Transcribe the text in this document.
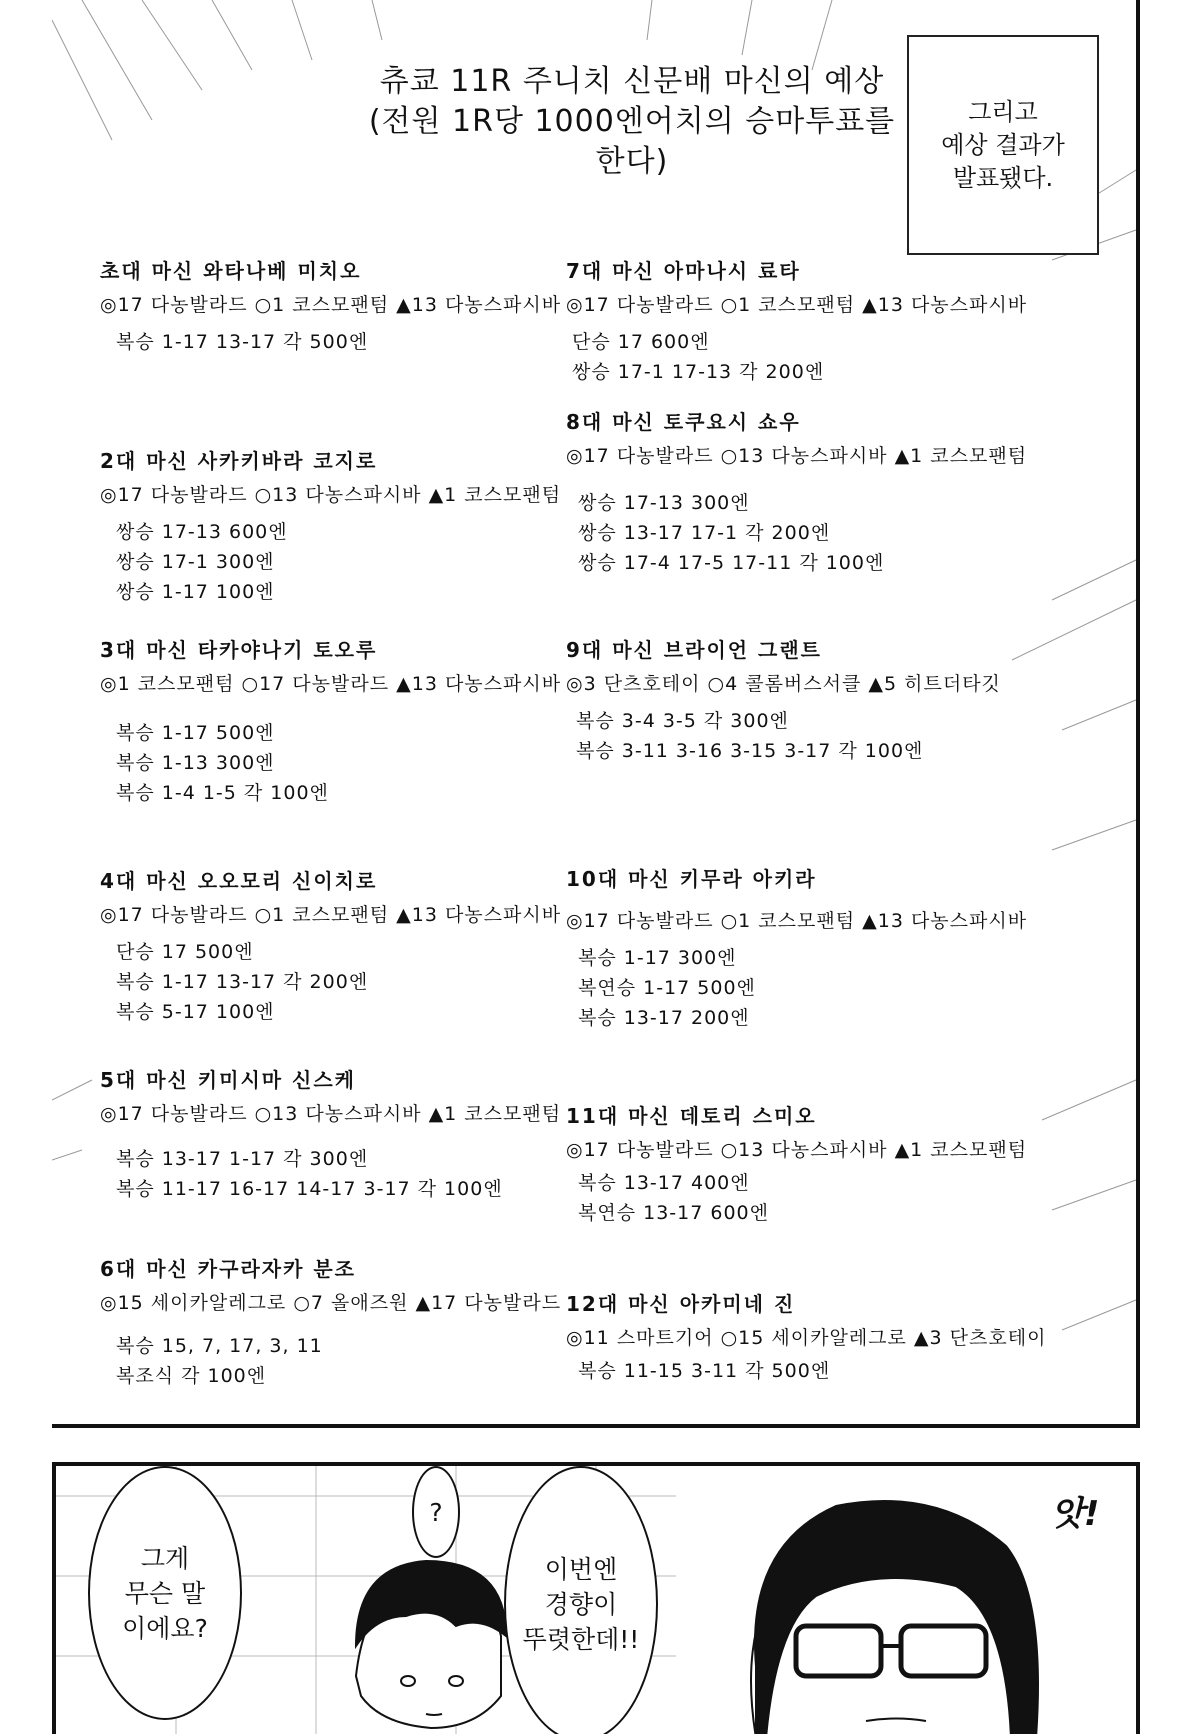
츄쿄 11R 주니치 신문배 마신의 예상
(전원 1R당 1000엔어치의 승마투표를 한다)
그리고
예상 결과가
발표됐다.
초대 마신 와타나베 미치오
◎17 다농발라드 ○1 코스모팬텀 ▲13 다농스파시바
복승 1-17 13-17 각 500엔
2대 마신 사카키바라 코지로
◎17 다농발라드 ○13 다농스파시바 ▲1 코스모팬텀
쌍승 17-13 600엔
쌍승 17-1 300엔
쌍승 1-17 100엔
3대 마신 타카야나기 토오루
◎1 코스모팬텀 ○17 다농발라드 ▲13 다농스파시바
복승 1-17 500엔
복승 1-13 300엔
복승 1-4 1-5 각 100엔
4대 마신 오오모리 신이치로
◎17 다농발라드 ○1 코스모팬텀 ▲13 다농스파시바
단승 17 500엔
복승 1-17 13-17 각 200엔
복승 5-17 100엔
5대 마신 키미시마 신스케
◎17 다농발라드 ○13 다농스파시바 ▲1 코스모팬텀
복승 13-17 1-17 각 300엔
복승 11-17 16-17 14-17 3-17 각 100엔
6대 마신 카구라자카 분조
◎15 세이카알레그로 ○7 올애즈원 ▲17 다농발라드
복승 15, 7, 17, 3, 11
복조식 각 100엔
7대 마신 아마나시 료타
◎17 다농발라드 ○1 코스모팬텀 ▲13 다농스파시바
단승 17 600엔
쌍승 17-1 17-13 각 200엔
8대 마신 토쿠요시 쇼우
◎17 다농발라드 ○13 다농스파시바 ▲1 코스모팬텀
쌍승 17-13 300엔
쌍승 13-17 17-1 각 200엔
쌍승 17-4 17-5 17-11 각 100엔
9대 마신 브라이언 그랜트
◎3 단츠호테이 ○4 콜롬버스서클 ▲5 히트더타깃
복승 3-4 3-5 각 300엔
복승 3-11 3-16 3-15 3-17 각 100엔
10대 마신 키무라 아키라
◎17 다농발라드 ○1 코스모팬텀 ▲13 다농스파시바
복승 1-17 300엔
복연승 1-17 500엔
복승 13-17 200엔
11대 마신 데토리 스미오
◎17 다농발라드 ○13 다농스파시바 ▲1 코스모팬텀
복승 13-17 400엔
복연승 13-17 600엔
12대 마신 아카미네 진
◎11 스마트기어 ○15 세이카알레그로 ▲3 단츠호테이
복승 11-15 3-11 각 500엔
그게
무슨 말
이에요?
?
이번엔
경향이
뚜렷한데!!
앗!
